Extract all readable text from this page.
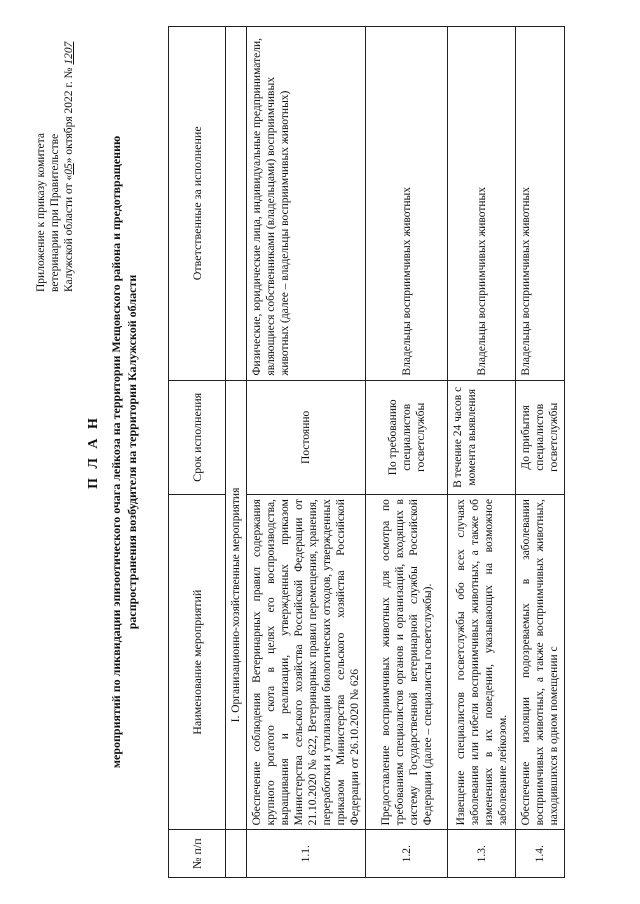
Приложение к приказу комитета ветеринарии при Правительстве Калужской области от «05» октября 2022 г. № 1207
П Л А Н мероприятий по ликвидации эпизоотического очага лейкоза на территории Мещовского района и предотвращению распространения возбудителя на территории Калужской области
№ п/п	Наименование мероприятий	Срок исполнения	Ответственные за исполнение
	I. Организационно-хозяйственные мероприятия		
1.1.	Обеспечение соблюдения Ветеринарных правил содержания крупного рогатого скота в целях его воспроизводства, выращивания и реализации, утвержденных приказом Министерства сельского хозяйства Российской Федерации от 21.10.2020 № 622, Ветеринарных правил перемещения, хранения, переработки и утилизации биологических отходов, утвержденных приказом Министерства сельского хозяйства Российской Федерации от 26.10.2020 № 626	Постоянно	Физические, юридические лица, индивидуальные предприниматели, являющиеся собственниками (владельцами) восприимчивых животных (далее – владельцы восприимчивых животных)
1.2.	Предоставление восприимчивых животных для осмотра по требованиям специалистов органов и организаций, входящих в систему Государственной ветеринарной службы Российской Федерации (далее – специалисты госветслужбы).	По требованию специалистов госветслужбы	Владельцы восприимчивых животных
1.3.	Извещение специалистов госветслужбы обо всех случаях заболевания или гибели восприимчивых животных, а также об изменениях в их поведении, указывающих на возможное заболевание лейкозом.	В течение 24 часов с момента выявления	Владельцы восприимчивых животных
1.4.	Обеспечение изоляции подозреваемых в заболевании восприимчивых животных, а также восприимчивых животных, находившихся в одном помещении с	До прибытия специалистов госветслужбы	Владельцы восприимчивых животных
